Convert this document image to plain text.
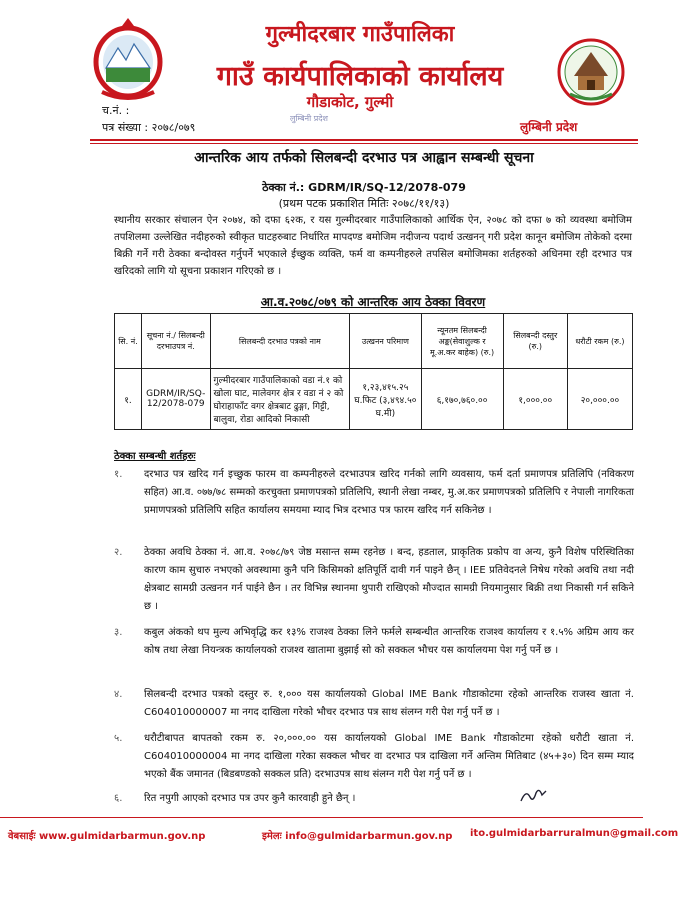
गुल्मीदरबार गाउँपालिका
गाउँ कार्यपालिकाको कार्यालय
गौडाकोट, गुल्मी
लुम्बिनी प्रदेश
च.नं. :
पत्र संख्या : २०७८/०७९	लुम्बिनी प्रदेश
आन्तरिक आय तर्फको सिलबन्दी दरभाउ पत्र आह्वान सम्बन्धी सूचना
ठेक्का नं.: GDRM/IR/SQ-12/2078-079
(प्रथम पटक प्रकाशित मितिः २०७८/११/१३)
स्थानीय सरकार संचालन ऐन २०७४, को दफा ६२क, र यस गुल्मीदरबार गाउँपालिकाको आर्थिक ऐन, २०७८ को दफा ७ को व्यवस्था बमोजिम तपशिलमा उल्लेखित नदीहरुको स्वीकृत घाटहरुबाट निर्धारित मापदण्ड बमोजिम नदीजन्य पदार्थ उत्खनन् गरी प्रदेश कानून बमोजिम तोकेको दरमा बिक्री गर्ने गरी ठेक्का बन्दोवस्त गर्नुपर्ने भएकाले ईच्छुक व्यक्ति, फर्म वा कम्पनीहरुले तपसिल बमोजिमका शर्तहरुको अधिनमा रही दरभाउ पत्र खरिदको लागि यो सूचना प्रकाशन गरिएको छ ।
आ.व.२०७८/०७९ को आन्तरिक आय ठेक्का विवरण
सि. नं.	सूचना नं./ सिलबन्दी दरभाउपत्र नं.	सिलबन्दी दरभाउ पत्रको नाम	उत्खनन परिमाण	न्यूनतम सिलबन्दी अङ्क(सेवाशुल्क र मू.अ.कर बाहेक) (रु.)	सिलबन्दी दस्तुर (रु.)	धरौटी रकम (रु.)
१.	GDRM/IR/SQ-12/2078-079	गुल्मीदरबार गाउँपालिकाको वडा नं.१ को खोला घाट, मालेवगर क्षेत्र र वडा नं २ को घोराहाफाँट वगर क्षेत्रबाट ढुङ्गा, गिट्टी, बालुवा, रोडा आदिको निकासी	१,२३,४१५.२५ घ.फिट (३,४९४.५० घ.मी)	६,१७०,७६०.००	१,०००.००	२०,०००.००
ठेक्का सम्बन्धी शर्तहरुः
१.	दरभाउ पत्र खरिद गर्न इच्छुक फारम वा कम्पनीहरुले दरभाउपत्र खरिद गर्नको लागि व्यवसाय, फर्म दर्ता प्रमाणपत्र प्रतिलिपि (नविकरण सहित) आ.व. ०७७/७८ सम्मको करचुक्ता प्रमाणपत्रको प्रतिलिपि, स्थानी लेखा नम्बर, मु.अ.कर प्रमाणपत्रको प्रतिलिपि र नेपाली नागरिकता प्रमाणपत्रको प्रतिलिपि सहित कार्यालय समयमा म्याद भित्र दरभाउ पत्र फारम खरिद गर्न सकिनेछ ।
२.	ठेक्का अवधि ठेक्का नं. आ.व. २०७८/७९ जेष्ठ मसान्त सम्म रहनेछ । बन्द, हडताल, प्राकृतिक प्रकोप वा अन्य, कुनै विशेष परिस्थितिका कारण काम सुचारु नभएको अवस्थामा कुनै पनि किसिमको क्षतिपूर्ति दावी गर्न पाइने छैन् । IEE प्रतिवेदनले निषेध गरेको अवधि तथा नदी क्षेत्रबाट सामग्री उत्खनन गर्न पाईने छैन । तर विभिन्न स्थानमा थुपारी राखिएको मौज्दात सामग्री नियमानुसार बिक्री तथा निकासी गर्न सकिने छ ।
३.	कबुल अंकको थप मुल्य अभिवृद्धि कर १३% राजश्व ठेक्का लिने फर्मले सम्बन्धीत आन्तरिक राजश्व कार्यालय र १.५% अग्रिम आय कर कोष तथा लेखा नियन्त्रक कार्यालयको राजश्व खातामा बुझाई सो को सक्कल भौचर यस कार्यालयमा पेश गर्नु पर्ने छ ।
४.	सिलबन्दी दरभाउ पत्रको दस्तुर रु. १,००० यस कार्यालयको Global IME Bank गौडाकोटमा रहेको आन्तरिक राजस्व खाता नं. C604010000007 मा नगद दाखिला गरेको भौचर दरभाउ पत्र साथ संलग्न गरी पेश गर्नु पर्ने छ ।
५.	धरौटीबापत बापतको रकम रु. २०,०००.०० यस कार्यालयको Global IME Bank गौडाकोटमा रहेको धरौटी खाता नं. C604010000004 मा नगद दाखिला गरेका सक्कल भौचर वा दरभाउ पत्र दाखिला गर्ने अन्तिम मितिबाट (४५+३०) दिन सम्म म्याद भएको बैंक जमानत (बिडबण्डको सक्कल प्रति) दरभाउपत्र साथ संलग्न गरी पेश गर्नु पर्ने छ ।
६.	रित नपुगी आएको दरभाउ पत्र उपर कुनै कारवाही हुने छैन् ।
वेबसाईः www.gulmidarbarmun.gov.np	इमेलः info@gulmidarbarmun.gov.np ito.gulmidarbarruralmun@gmail.com
